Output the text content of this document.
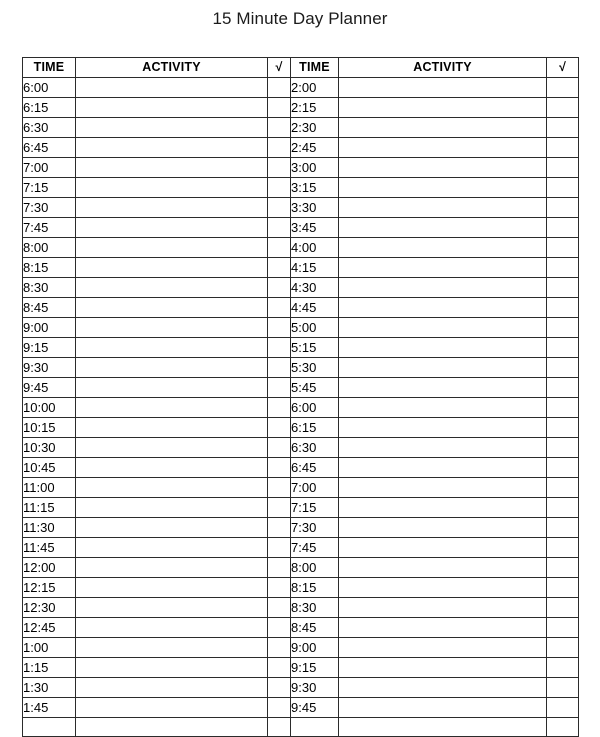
15 Minute Day Planner
TIME	ACTIVITY	√	TIME	ACTIVITY	√
6:00			2:00		
6:15			2:15		
6:30			2:30		
6:45			2:45		
7:00			3:00		
7:15			3:15		
7:30			3:30		
7:45			3:45		
8:00			4:00		
8:15			4:15		
8:30			4:30		
8:45			4:45		
9:00			5:00		
9:15			5:15		
9:30			5:30		
9:45			5:45		
10:00			6:00		
10:15			6:15		
10:30			6:30		
10:45			6:45		
11:00			7:00		
11:15			7:15		
11:30			7:30		
11:45			7:45		
12:00			8:00		
12:15			8:15		
12:30			8:30		
12:45			8:45		
1:00			9:00		
1:15			9:15		
1:30			9:30		
1:45			9:45		
